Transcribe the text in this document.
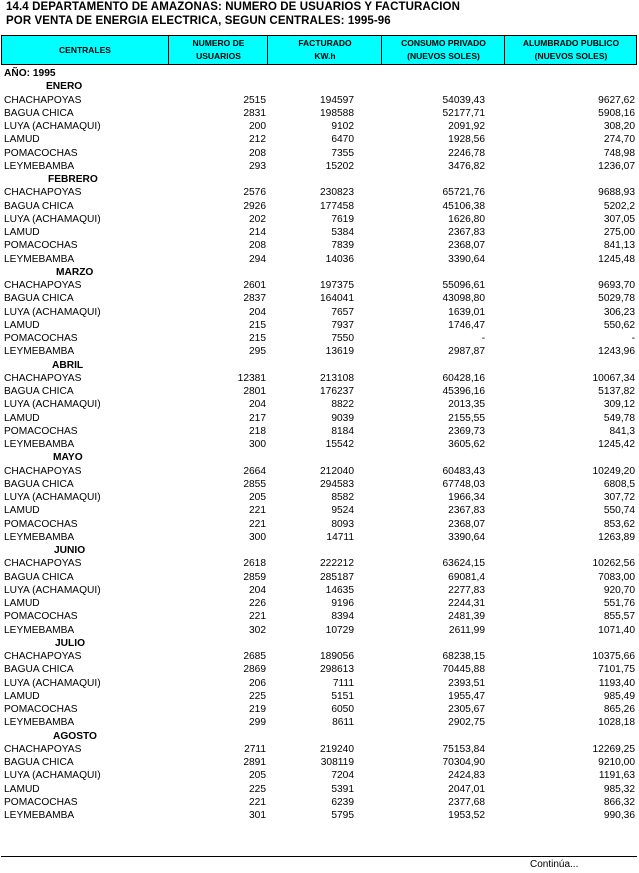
14.4 DEPARTAMENTO DE AMAZONAS: NUMERO DE USUARIOS Y FACTURACION
POR VENTA DE ENERGIA ELECTRICA, SEGUN CENTRALES: 1995-96
CENTRALES
NUMERO DE
USUARIOS
FACTURADO
KW.h
CONSUMO PRIVADO
(NUEVOS SOLES)
ALUMBRADO PUBLICO
(NUEVOS SOLES)
AÑO: 1995
ENERO
CHACHAPOYAS	2515	194597	54039,43	9627,62
BAGUA CHICA	2831	198588	52177,71	5908,16
LUYA (ACHAMAQUI)	200	9102	2091,92	308,20
LAMUD	212	6470	1928,56	274,70
POMACOCHAS	208	7355	2246,78	748,98
LEYMEBAMBA	293	15202	3476,82	1236,07
FEBRERO
CHACHAPOYAS	2576	230823	65721,76	9688,93
BAGUA CHICA	2926	177458	45106,38	5202,2
LUYA (ACHAMAQUI)	202	7619	1626,80	307,05
LAMUD	214	5384	2367,83	275,00
POMACOCHAS	208	7839	2368,07	841,13
LEYMEBAMBA	294	14036	3390,64	1245,48
MARZO
CHACHAPOYAS	2601	197375	55096,61	9693,70
BAGUA CHICA	2837	164041	43098,80	5029,78
LUYA (ACHAMAQUI)	204	7657	1639,01	306,23
LAMUD	215	7937	1746,47	550,62
POMACOCHAS	215	7550	-	-
LEYMEBAMBA	295	13619	2987,87	1243,96
ABRIL
CHACHAPOYAS	12381	213108	60428,16	10067,34
BAGUA CHICA	2801	176237	45396,16	5137,82
LUYA (ACHAMAQUI)	204	8822	2013,35	309,12
LAMUD	217	9039	2155,55	549,78
POMACOCHAS	218	8184	2369,73	841,3
LEYMEBAMBA	300	15542	3605,62	1245,42
MAYO
CHACHAPOYAS	2664	212040	60483,43	10249,20
BAGUA CHICA	2855	294583	67748,03	6808,5
LUYA (ACHAMAQUI)	205	8582	1966,34	307,72
LAMUD	221	9524	2367,83	550,74
POMACOCHAS	221	8093	2368,07	853,62
LEYMEBAMBA	300	14711	3390,64	1263,89
JUNIO
CHACHAPOYAS	2618	222212	63624,15	10262,56
BAGUA CHICA	2859	285187	69081,4	7083,00
LUYA (ACHAMAQUI)	204	14635	2277,83	920,70
LAMUD	226	9196	2244,31	551,76
POMACOCHAS	221	8394	2481,39	855,57
LEYMEBAMBA	302	10729	2611,99	1071,40
JULIO
CHACHAPOYAS	2685	189056	68238,15	10375,66
BAGUA CHICA	2869	298613	70445,88	7101,75
LUYA (ACHAMAQUI)	206	7111	2393,51	1193,40
LAMUD	225	5151	1955,47	985,49
POMACOCHAS	219	6050	2305,67	865,26
LEYMEBAMBA	299	8611	2902,75	1028,18
AGOSTO
CHACHAPOYAS	2711	219240	75153,84	12269,25
BAGUA CHICA	2891	308119	70304,90	9210,00
LUYA (ACHAMAQUI)	205	7204	2424,83	1191,63
LAMUD	225	5391	2047,01	985,32
POMACOCHAS	221	6239	2377,68	866,32
LEYMEBAMBA	301	5795	1953,52	990,36
Continúa...
